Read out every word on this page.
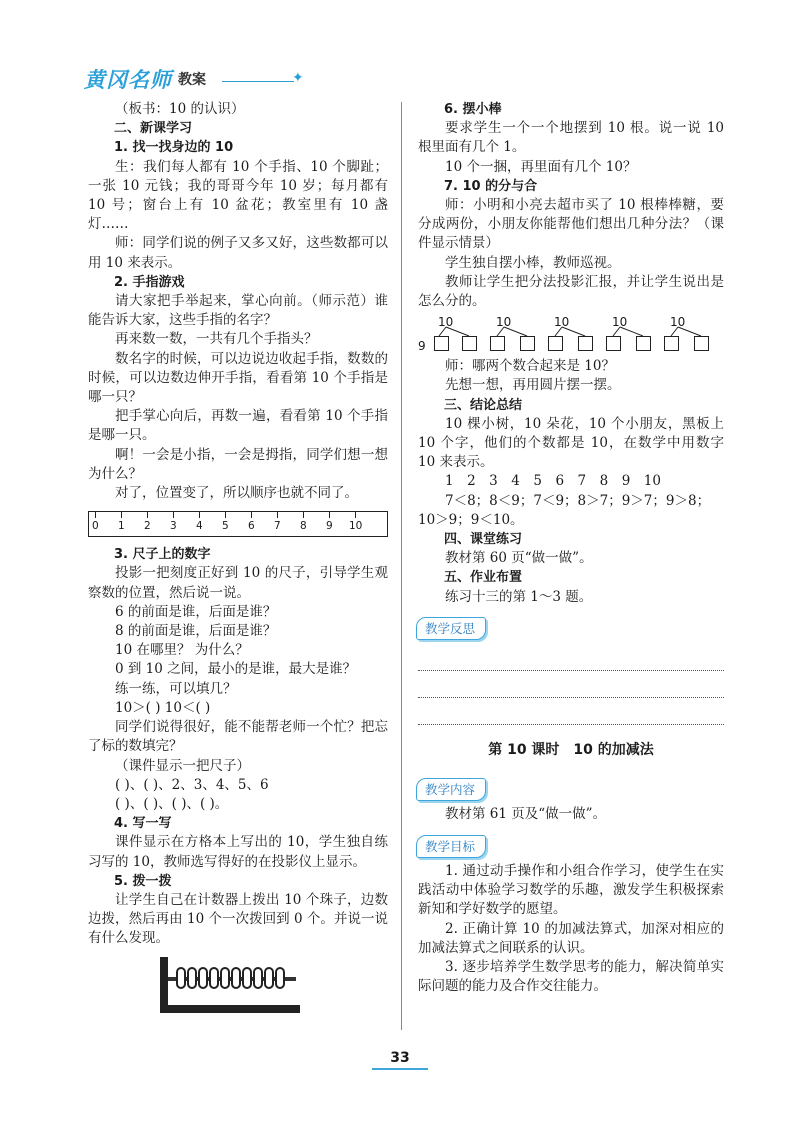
黄冈名师 教案	✦

（板书：10 的认识）

二、新课学习

1. 找一找身边的 10

生：我们每人都有 10 个手指、10 个脚趾；一张 10 元钱；我的哥哥今年 10 岁；每月都有 10 号；窗台上有 10 盆花；教室里有 10 盏灯……

师：同学们说的例子又多又好，这些数都可以用 10 来表示。

2. 手指游戏

请大家把手举起来，掌心向前。（师示范）谁能告诉大家，这些手指的名字？

再来数一数，一共有几个手指头？

数名字的时候，可以边说边收起手指，数数的时候，可以边数边伸开手指，看看第 10 个手指是哪一只？

把手掌心向后，再数一遍，看看第 10 个手指是哪一只。

啊！一会是小指，一会是拇指，同学们想一想为什么？

对了，位置变了，所以顺序也就不同了。

0 1 2 3 4 5 6 7 8 9 10

3. 尺子上的数字

投影一把刻度正好到 10 的尺子，引导学生观察数的位置，然后说一说。

6 的前面是谁，后面是谁？

8 的前面是谁，后面是谁？

10 在哪里？ 为什么？

0 到 10 之间，最小的是谁，最大是谁？

练一练，可以填几？

10＞( ) 10＜( )

同学们说得很好，能不能帮老师一个忙？把忘了标的数填完？

（课件显示一把尺子）

( )、( )、2、3、4、5、6

( )、( )、( )、( )。

4. 写一写

课件显示在方格本上写出的 10，学生独自练习写的 10，教师选写得好的在投影仪上显示。

5. 拨一拨

让学生自己在计数器上拨出 10 个珠子，边数边拨，然后再由 10 个一次拨回到 0 个。并说一说有什么发现。

6. 摆小棒

要求学生一个一个地摆到 10 根。说一说 10 根里面有几个 1。

10 个一捆，再里面有几个 10？

7. 10 的分与合

师：小明和小亮去超市买了 10 根棒棒糖，要分成两份，小朋友你能帮他们想出几种分法？（课件显示情景）

学生独自摆小棒，教师巡视。

教师让学生把分法投影汇报，并让学生说出是怎么分的。

10
9
10	10	10	10

师：哪两个数合起来是 10？

先想一想，再用圆片摆一摆。

三、结论总结

10 棵小树，10 朵花，10 个小朋友，黑板上 10 个字，他们的个数都是 10，在数学中用数字 10 来表示。

1　2　3　4　5　6　7　8　9　10

7＜8；8＜9；7＜9；8＞7；9＞7；9＞8；10＞9；9＜10。

四、课堂练习

教材第 60 页“做一做”。

五、作业布置

练习十三的第 1～3 题。

教学反思
第 10 课时　10 的加减法
教学内容

教材第 61 页及“做一做”。

教学目标

1. 通过动手操作和小组合作学习，使学生在实践活动中体验学习数学的乐趣，激发学生积极探索新知和学好数学的愿望。

2. 正确计算 10 的加减法算式，加深对相应的加减法算式之间联系的认识。

3. 逐步培养学生数学思考的能力，解决简单实际问题的能力及合作交往能力。

33
